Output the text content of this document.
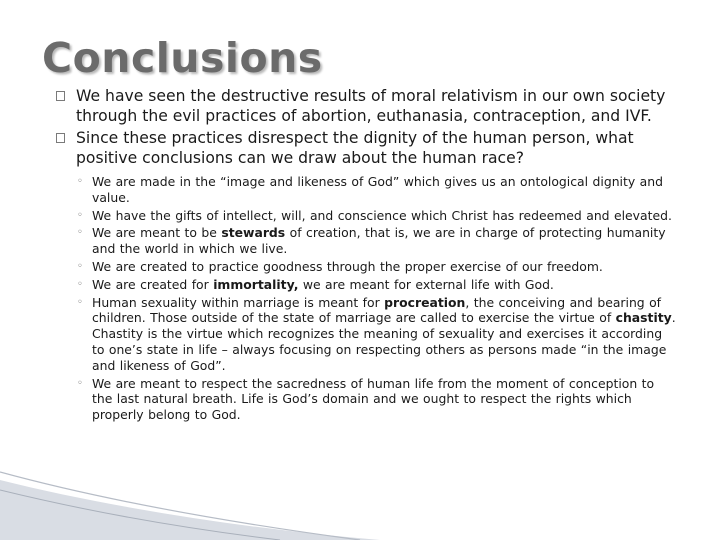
Conclusions
We have seen the destructive results of moral relativism in our own society through the evil practices of abortion, euthanasia, contraception, and IVF.
Since these practices disrespect the dignity of the human person, what positive conclusions can we draw about the human race?
◦ We are made in the “image and likeness of God” which gives us an ontological dignity and value.
◦ We have the gifts of intellect, will, and conscience which Christ has redeemed and elevated.
◦ We are meant to be stewards of creation, that is, we are in charge of protecting humanity and the world in which we live.
◦ We are created to practice goodness through the proper exercise of our freedom.
◦ We are created for immortality, we are meant for external life with God.
◦ Human sexuality within marriage is meant for procreation, the conceiving and bearing of children. Those outside of the state of marriage are called to exercise the virtue of chastity. Chastity is the virtue which recognizes the meaning of sexuality and exercises it according to one’s state in life – always focusing on respecting others as persons made “in the image and likeness of God”.
◦ We are meant to respect the sacredness of human life from the moment of conception to the last natural breath. Life is God’s domain and we ought to respect the rights which properly belong to God.
